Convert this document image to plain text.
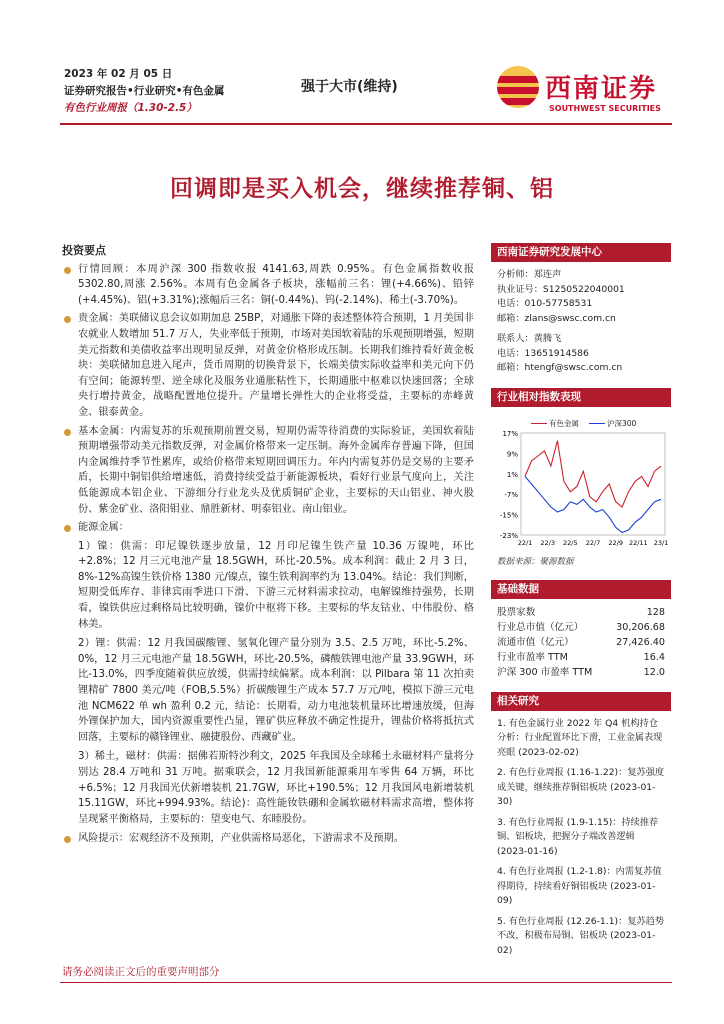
2023 年 02 月 05 日
证券研究报告•行业研究•有色金属
有色行业周报（1.30-2.5）
强于大市(维持)	西南证券
SOUTHWEST SECURITIES
回调即是买入机会，继续推荐铜、铝
投资要点

行情回顾：本周沪深 300 指数收报 4141.63,周跌 0.95%。有色金属指数收报 5302.80,周涨 2.56%。本周有色金属各子板块，涨幅前三名：锂(+4.66%)、铅锌(+4.45%)、铝(+3.31%);涨幅后三名：铜(-0.44%)、钨(-2.14%)、稀土(-3.70%)。

贵金属：美联储议息会议如期加息 25BP，对通胀下降的表述整体符合预期，1 月美国非农就业人数增加 51.7 万人，失业率低于预期，市场对美国软着陆的乐观预期增强，短期美元指数和美债收益率出现明显反弹，对黄金价格形成压制。长期我们维持看好黄金板块：美联储加息进入尾声，货币周期的切换背景下，长端美债实际收益率和美元向下仍有空间；能源转型、逆全球化及服务业通胀粘性下，长期通胀中枢难以快速回落；全球央行增持黄金，战略配置地位提升。产量增长弹性大的企业将受益，主要标的赤峰黄金、银泰黄金。

基本金属：内需复苏的乐观预期前置交易，短期仍需等待消费的实际验证，美国软着陆预期增强带动美元指数反弹，对金属价格带来一定压制。海外金属库存普遍下降，但国内金属维持季节性累库，或给价格带来短期回调压力。年内内需复苏仍是交易的主要矛盾，长期中铜铝供给增速低，消费持续受益于新能源板块，看好行业景气度向上，关注低能源成本铝企业、下游细分行业龙头及优质铜矿企业，主要标的天山铝业、神火股份、紫金矿业、洛阳钼业、鼎胜新材、明泰铝业、南山铝业。

能源金属：

1）镍：供需：印尼镍铁逐步放量，12 月印尼镍生铁产量 10.36 万镍吨，环比+2.8%；12 月三元电池产量 18.5GWH，环比-20.5%。成本利润：截止 2 月 3 日，8%-12%高镍生铁价格 1380 元/镍点，镍生铁利润率约为 13.04%。结论：我们判断，短期受低库存、菲律宾雨季进口下滑、下游三元材料需求拉动，电解镍维持强势，长期看，镍铁供应过剩格局比较明确，镍价中枢将下移。主要标的华友钴业、中伟股份、格林美。

2）锂：供需：12 月我国碳酸锂、氢氧化锂产量分别为 3.5、2.5 万吨，环比-5.2%、0%，12 月三元电池产量 18.5GWH，环比-20.5%，磷酸铁锂电池产量 33.9GWH，环比-13.0%，四季度随着供应放缓，供需持续偏紧。成本利润：以 Pilbara 第 11 次拍卖锂精矿 7800 美元/吨（FOB,5.5%）折碳酸锂生产成本 57.7 万元/吨，模拟下游三元电池 NCM622 单 wh 盈利 0.2 元，结论：长期看，动力电池装机量环比增速放缓，但海外锂保护加大，国内资源重要性凸显，锂矿供应释放不确定性提升，锂盐价格将抵抗式回落，主要标的赣锋锂业、融捷股份、西藏矿业。

3）稀土，磁材：供需：据佛若斯特沙利文，2025 年我国及全球稀土永磁材料产量将分别达 28.4 万吨和 31 万吨。据乘联会，12 月我国新能源乘用车零售 64 万辆，环比+6.5%；12 月我国光伏新增装机 21.7GW，环比+190.5%；12 月我国风电新增装机 15.11GW，环比+994.93%。结论)：高性能钕铁硼和金属软磁材料需求高增，整体将呈现紧平衡格局，主要标的：望变电气、东睦股份。

风险提示：宏观经济不及预期，产业供需格局恶化，下游需求不及预期。

西南证券研究发展中心
分析师：郑连声
执业证号：S1250522040001
电话：010-57758531
邮箱：zlans@swsc.com.cn
联系人：黄腾飞
电话：13651914586
邮箱：htengf@swsc.com.cn
行业相对指数表现
有色金属	沪深300
17%
9%
1%
-7%
-15%
-23%
22/1 22/3 22/5 22/7 22/9 22/11 23/1
数据来源：聚源数据
基础数据
股票家数	128
行业总市值（亿元）	30,206.68
流通市值（亿元）	27,426.40
行业市盈率 TTM	16.4
沪深 300 市盈率 TTM	12.0
相关研究
1. 有色金属行业 2022 年 Q4 机构持仓分析：行业配置环比下滑，工业金属表现亮眼 (2023-02-02)
2. 有色行业周报 (1.16-1.22)：复苏强度成关键，继续推荐铜铝板块 (2023-01-30)
3. 有色行业周报 (1.9-1.15)：持续推荐铜、铝板块，把握分子端改善逻辑 (2023-01-16)
4. 有色行业周报 (1.2-1.8)：内需复苏值得期待，持续看好铜铝板块 (2023-01-09)
5. 有色行业周报 (12.26-1.1)：复苏趋势不改，积极布局铜、铝板块 (2023-01-02)
请务必阅读正文后的重要声明部分
